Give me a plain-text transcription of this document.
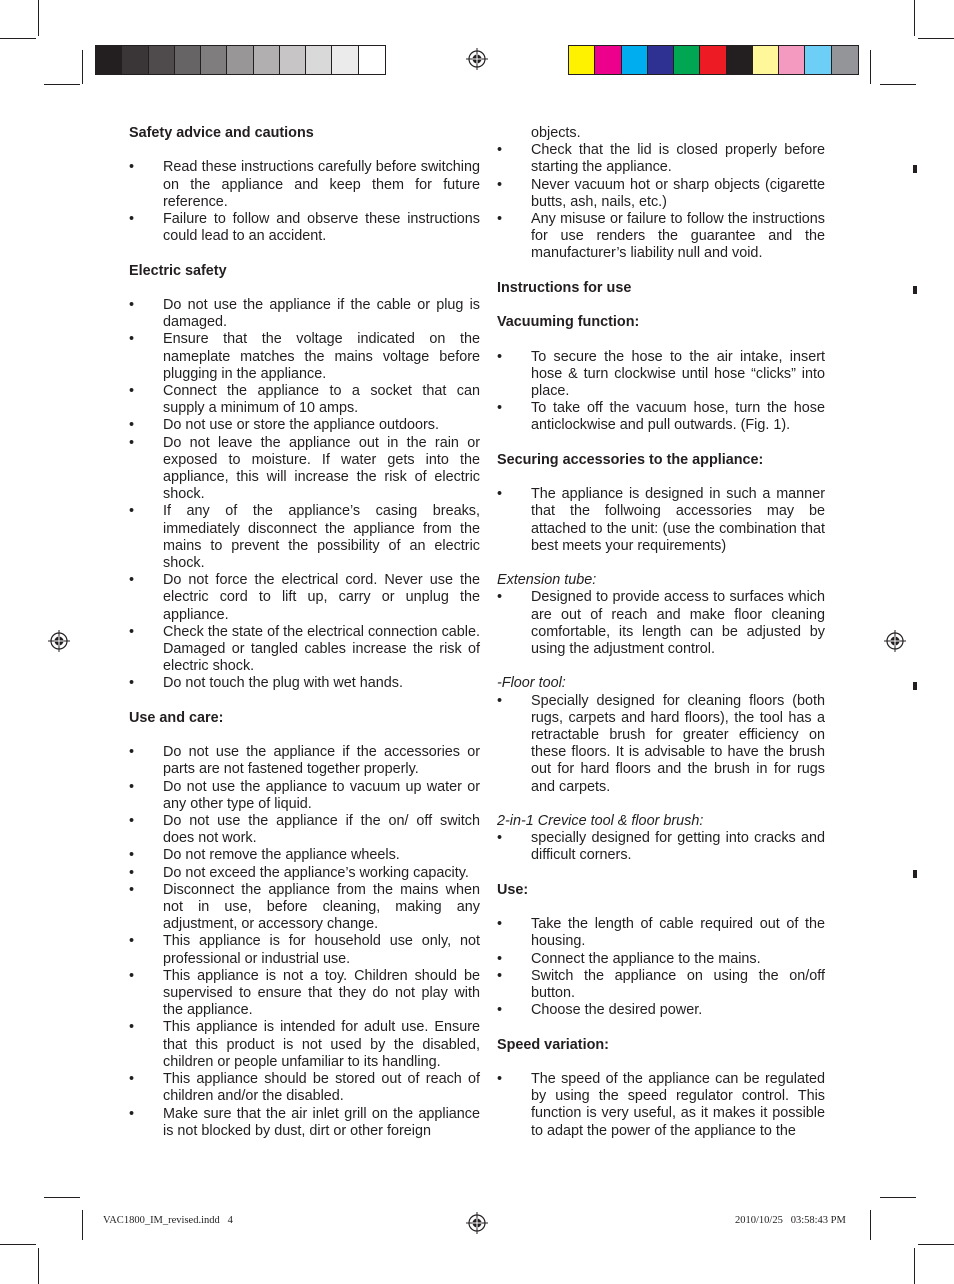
Safety advice and cautions

• Read these instructions carefully before switching on the appliance and keep them for future reference.
• Failure to follow and observe these instructions could lead to an accident.

Electric safety

• Do not use the appliance if the cable or plug is damaged.
• Ensure that the voltage indicated on the nameplate matches the mains voltage before plugging in the appliance.
• Connect the appliance to a socket that can supply a minimum of 10 amps.
• Do not use or store the appliance outdoors.
• Do not leave the appliance out in the rain or exposed to moisture. If water gets into the appliance, this will increase the risk of electric shock.
• If any of the appliance’s casing breaks, immediately disconnect the appliance from the mains to prevent the possibility of an electric shock.
• Do not force the electrical cord. Never use the electric cord to lift up, carry or unplug the appliance.
• Check the state of the electrical connection cable. Damaged or tangled cables increase the risk of electric shock.
• Do not touch the plug with wet hands.

Use and care:

• Do not use the appliance if the accessories or parts are not fastened together properly.
• Do not use the appliance to vacuum up water or any other type of liquid.
• Do not use the appliance if the on/ off switch does not work.
• Do not remove the appliance wheels.
• Do not exceed the appliance’s working capacity.
• Disconnect the appliance from the mains when not in use, before cleaning, making any adjustment, or accessory change.
• This appliance is for household use only, not professional or industrial use.
• This appliance is not a toy. Children should be supervised to ensure that they do not play with the appliance.
• This appliance is intended for adult use. Ensure that this product is not used by the disabled, children or people unfamiliar to its handling.
• This appliance should be stored out of reach of children and/or the disabled.
• Make sure that the air inlet grill on the appliance is not blocked by dust, dirt or other foreign

objects.

• Check that the lid is closed properly before starting the appliance.
• Never vacuum hot or sharp objects (cigarette butts, ash, nails, etc.)
• Any misuse or failure to follow the instructions for use renders the guarantee and the manufacturer’s liability null and void.

Instructions for use

Vacuuming function:

• To secure the hose to the air intake, insert hose & turn clockwise until hose “clicks” into place.
• To take off the vacuum hose, turn the hose anticlockwise and pull outwards. (Fig. 1).

Securing accessories to the appliance:

• The appliance is designed in such a manner that the follwoing accessories may be attached to the unit: (use the combination that best meets your requirements)

Extension tube:

• Designed to provide access to surfaces which are out of reach and make floor cleaning comfortable, its length can be adjusted by using the adjustment control.

-Floor tool:

• Specially designed for cleaning floors (both rugs, carpets and hard floors), the tool has a retractable brush for greater efficiency on these floors. It is advisable to have the brush out for hard floors and the brush in for rugs and carpets.

2-in-1 Crevice tool & floor brush:

• specially designed for getting into cracks and difficult corners.

Use:

• Take the length of cable required out of the housing.
• Connect the appliance to the mains.
• Switch the appliance on using the on/off button.
• Choose the desired power.

Speed variation:

• The speed of the appliance can be regulated by using the speed regulator control. This function is very useful, as it makes it possible to adapt the power of the appliance to the
VAC1800_IM_revised.indd   4	2010/10/25   03:58:43 PM
